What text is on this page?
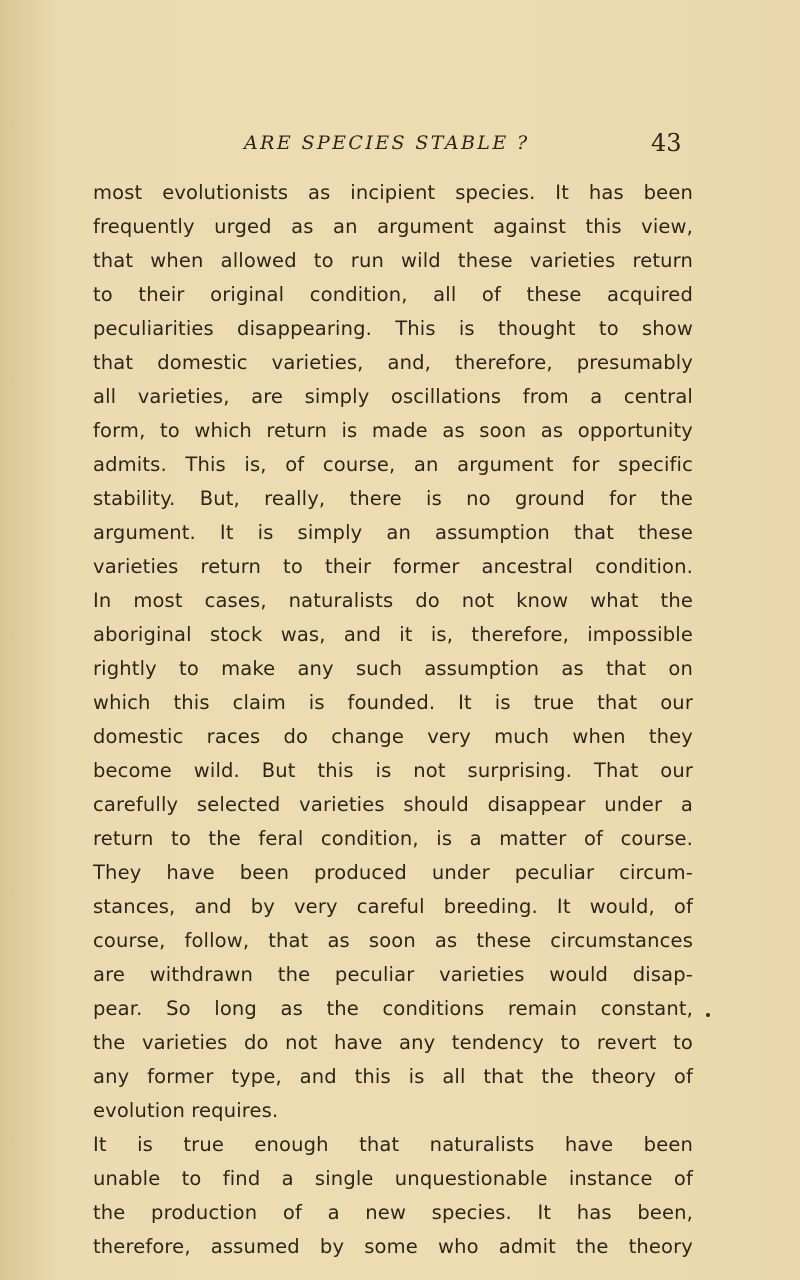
ARE SPECIES STABLE ?	43
most evolutionists as incipient species. It has been
frequently urged as an argument against this view,
that when allowed to run wild these varieties return
to their original condition, all of these acquired
peculiarities disappearing. This is thought to show
that domestic varieties, and, therefore, presumably
all varieties, are simply oscillations from a central
form, to which return is made as soon as opportunity
admits. This is, of course, an argument for specific
stability. But, really, there is no ground for the
argument. It is simply an assumption that these
varieties return to their former ancestral condition.
In most cases, naturalists do not know what the
aboriginal stock was, and it is, therefore, impossible
rightly to make any such assumption as that on
which this claim is founded. It is true that our
domestic races do change very much when they
become wild. But this is not surprising. That our
carefully selected varieties should disappear under a
return to the feral condition, is a matter of course.
They have been produced under peculiar circum-
stances, and by very careful breeding. It would, of
course, follow, that as soon as these circumstances
are withdrawn the peculiar varieties would disap-
pear. So long as the conditions remain constant,
the varieties do not have any tendency to revert to
any former type, and this is all that the theory of
evolution requires.
It is true enough that naturalists have been
unable to find a single unquestionable instance of
the production of a new species. It has been,
therefore, assumed by some who admit the theory
